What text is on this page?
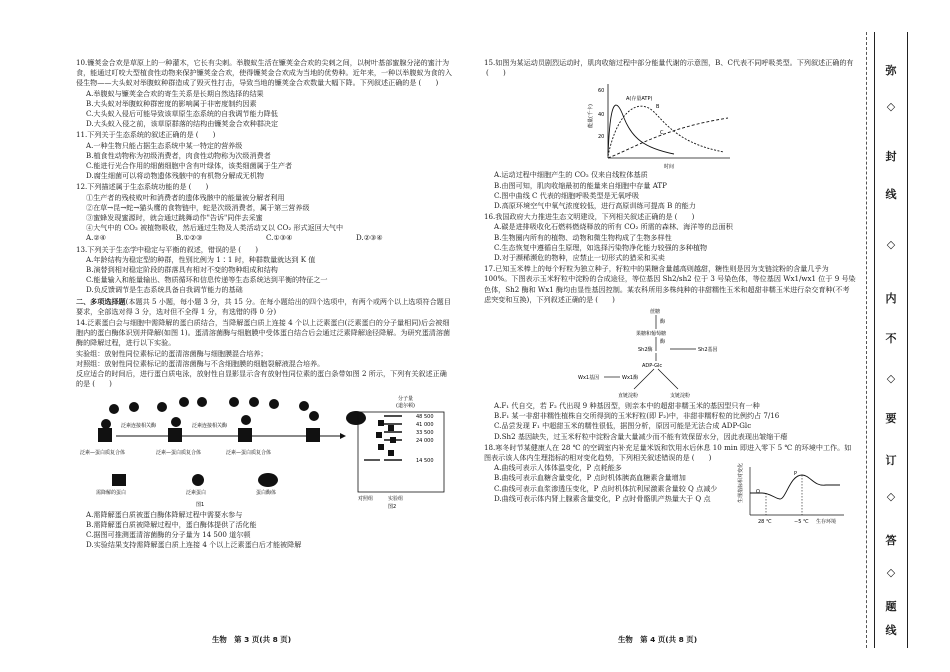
10.镰荚金合欢是草原上的一种灌木，它长有尖刺。举腹蚁生活在镰荚金合欢的尖刺之间，以树叶基部蜜腺分泌的蜜汁为食，能通过叮咬大型植食性动物来保护镰荚金合欢，使得镰荚金合欢成为当地的优势种。近年来，一种以举腹蚁为食的入侵生物——大头蚁对举腹蚁种群造成了毁灭性打击，导致当地的镰荚金合欢数量大幅下降。下列叙述正确的是 (　　)

A.举腹蚁与镰荚金合欢的寄生关系是长期自然选择的结果

B.大头蚁对举腹蚁种群密度的影响属于非密度制约因素

C.大头蚁入侵后可能导致该草原生态系统的自我调节能力降低

D.大头蚁入侵之前，该草原群落的结构由镰荚金合欢种群决定

11.下列关于生态系统的叙述正确的是 (　　)

A.一种生物只能占据生态系统中某一特定的营养级

B.植食性动物称为初级消费者，肉食性动物称为次级消费者

C.能进行光合作用的细菌细胞中含有叶绿体，该类细菌属于生产者

D.腐生细菌可以将动物遗体残骸中的有机物分解成无机物

12.下列描述属于生态系统功能的是 (　　)

①生产者的残枝败叶和消费者的遗体残骸中的能量被分解者利用

②在草→昆→蛇→猫头鹰的食物链中，蛇是次级消费者，属于第三营养级

③蜜蜂发现蜜源时，就会通过跳舞动作"告诉"同伴去采蜜

④大气中的 CO₂ 被植物吸收，然后通过生物及人类活动又以 CO₂ 形式返回大气中

A.②④	B.①②③	C.①③④	D.②③④

13.下列关于生态学中稳定与平衡的叙述，错误的是 (　　)

A.年龄结构为稳定型的种群，性别比例为 1∶1 时，种群数量就达到 K 值

B.演替到相对稳定阶段的群落具有相对不变的物种组成和结构

C.能量输入和能量输出、物质循环和信息传递等生态系统达到平衡的特征之一

D.负反馈调节是生态系统具备自我调节能力的基础

二、多项选择题(本题共 5 小题，每小题 3 分，共 15 分。在每小题给出的四个选项中，有两个或两个以上选项符合题目要求，全部选对得 3 分，选对但不全得 1 分，有选错的得 0 分)

14.泛素蛋白会与细胞中需降解的蛋白质结合，当降解蛋白质上连接 4 个以上泛素蛋白(泛素蛋白的分子量相同)后会被细胞内的蛋白酶体识别并降解(如图 1)。蛋清溶菌酶与细胞膜中受体蛋白结合后会通过泛素降解途径降解。为研究蛋清溶菌酶的降解过程，进行以下实验。

实验组：放射性同位素标记的蛋清溶菌酶与细胞膜混合培养；

对照组：放射性同位素标记的蛋清溶菌酶与不含细胞膜的细胞裂解液混合培养。

反应适合的时间后，进行蛋白质电泳，放射性自显影显示含有放射性同位素的蛋白条带如图 2 所示，下列有关叙述正确的是 (　　)

泛素连接相关酶	泛素连接相关酶
泛素—蛋白质复合体	泛素—蛋白质复合体	泛素—蛋白质复合体
需降解的蛋白	泛素蛋白	蛋白酶体
图1
分子量
(道尔顿)
48 500
41 000
33 500
24 000
14 500
对照组	实验组
图2

A.需降解蛋白质被蛋白酶体降解过程中需要水参与

B.需降解蛋白质被降解过程中，蛋白酶体提供了活化能

C.据图可推测蛋清溶菌酶的分子量为 14 500 道尔顿

D.实验结果支持需降解蛋白质上连接 4 个以上泛素蛋白后才能被降解

15.如图为某运动员剧烈运动时，肌肉收缩过程中部分能量代谢的示意图，B、C代表不同呼吸类型。下列叙述正确的有(　　)

能量(千卡)
60
40
20
A(存量ATP)
B
C
时间

A.运动过程中细胞产生的 CO₂ 仅来自线粒体基质

B.由图可知，肌肉收缩最初的能量来自细胞中存量 ATP

C.图中曲线 C 代表的细胞呼吸类型是无氧呼吸

D.高原环境空气中氧气浓度较低，进行高原训练可提高 B 的能力

16.我国政府大力推进生态文明建设，下列相关叙述正确的是 (　　)

A.碳是进排吸收化石燃料燃烧释放的所有 CO₂ 所需的森林、海洋等的总面积

B.生物圈内所有的植物、动物和微生物构成了生物多样性

C.生态恢复中遵循自生原理，如选择污染物净化能力较强的多种植物

D.对于濒稀濒危的物种，应禁止一切形式的猎采和买卖

17.已知玉米棒上的每个籽粒为独立种子，籽粒中的果糖含量越高则越甜，糖性则是因为支链淀粉的含量几乎为 100%。下图表示玉米籽粒中淀粉的合成途径，等位基因 Sh2/sh2 位于 3 号染色体，等位基因 Wx1/wx1 位于 9 号染色体，Sh2 酶和 Wx1 酶均由显性基因控制。某农科所用多株纯种的非甜糯性玉米和超甜非糯玉米进行杂交育种(不考虑突变和互换)，下列叙述正确的是 (　　)

蔗糖
酶
果糖和葡萄糖
酶
Sh2酶	Sh2基因
ADP-Glc
Wx1基因	Wx1酶
直链淀粉	支链淀粉

A.F₁ 代自交，若 F₂ 代出现 9 种基因型，则亲本中的超甜非糯玉米的基因型只有一种

B.F₁ 某一非甜非糯性植株自交所得到的玉米籽粒(即 F₂)中，非甜非糯籽粒的比例约占 7/16

C.品尝发现 F₁ 中超甜玉米的糯性很低，据图分析，原因可能是无法合成 ADP-Glc

D.Sh2 基因缺失，过玉米籽粒中淀粉含量大量减少而不能有效保留水分，因此表现出皱缩干瘪

18.寒冬时节某健康人在 28 ℃ 的空调室内补充足量米饭和饮用水后休息 10 min 即进入零下 5 ℃ 的环境中工作。如图表示该人体内生理指标的相对变化趋势，下列相关叙述错误的是 (　　)

A.曲线可表示人体体温变化，P 点耗能多

B.曲线可表示血糖含量变化，P 点时机体胰高血糖素含量增加

C.曲线可表示血浆渗透压变化，P 点时机体抗利尿激素含量较 Q 点减少

D.曲线可表示体内肾上腺素含量变化，P 点时骨骼肌产热量大于 Q 点	生理指标相对变化 Q
P
28 ℃	−5 ℃ 生存环境
生物　第 3 页(共 8 页)	生物　第 4 页(共 8 页)
弥
◇
封
线
◇
内
不
◇
要
订
◇
答
◇
题
线
